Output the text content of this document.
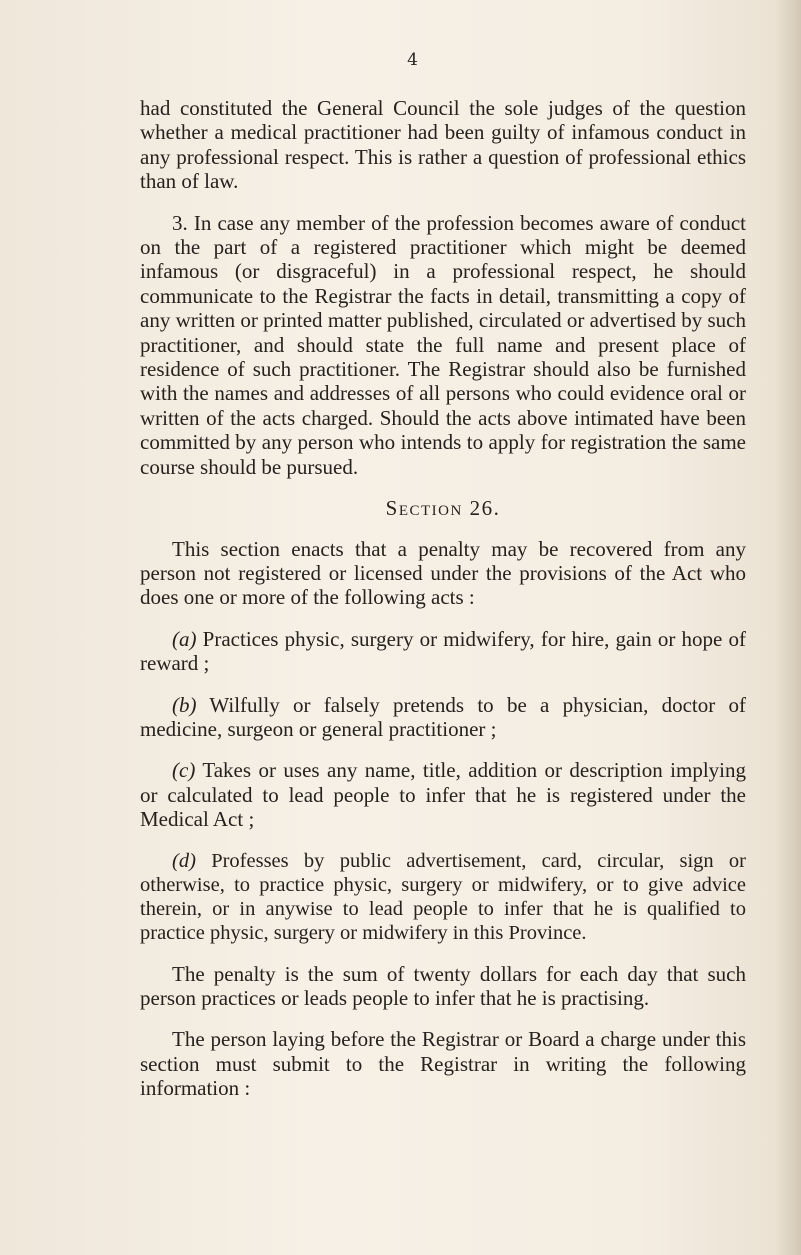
4

had constituted the General Council the sole judges of the question whether a medical practitioner had been guilty of infamous conduct in any professional respect. This is rather a question of professional ethics than of law.

3. In case any member of the profession becomes aware of conduct on the part of a registered practitioner which might be deemed infamous (or disgraceful) in a professional respect, he should communicate to the Registrar the facts in detail, transmitting a copy of any written or printed matter published, circulated or advertised by such practitioner, and should state the full name and present place of residence of such practitioner. The Registrar should also be furnished with the names and addresses of all persons who could evidence oral or written of the acts charged. Should the acts above intimated have been committed by any person who intends to apply for registration the same course should be pursued.

Section 26.

This section enacts that a penalty may be recovered from any person not registered or licensed under the provisions of the Act who does one or more of the following acts :

(a) Practices physic, surgery or midwifery, for hire, gain or hope of reward ;

(b) Wilfully or falsely pretends to be a physician, doctor of medicine, surgeon or general practitioner ;

(c) Takes or uses any name, title, addition or description implying or calculated to lead people to infer that he is registered under the Medical Act ;

(d) Professes by public advertisement, card, circular, sign or otherwise, to practice physic, surgery or midwifery, or to give advice therein, or in anywise to lead people to infer that he is qualified to practice physic, surgery or midwifery in this Province.

The penalty is the sum of twenty dollars for each day that such person practices or leads people to infer that he is practising.

The person laying before the Registrar or Board a charge under this section must submit to the Registrar in writing the following information :
